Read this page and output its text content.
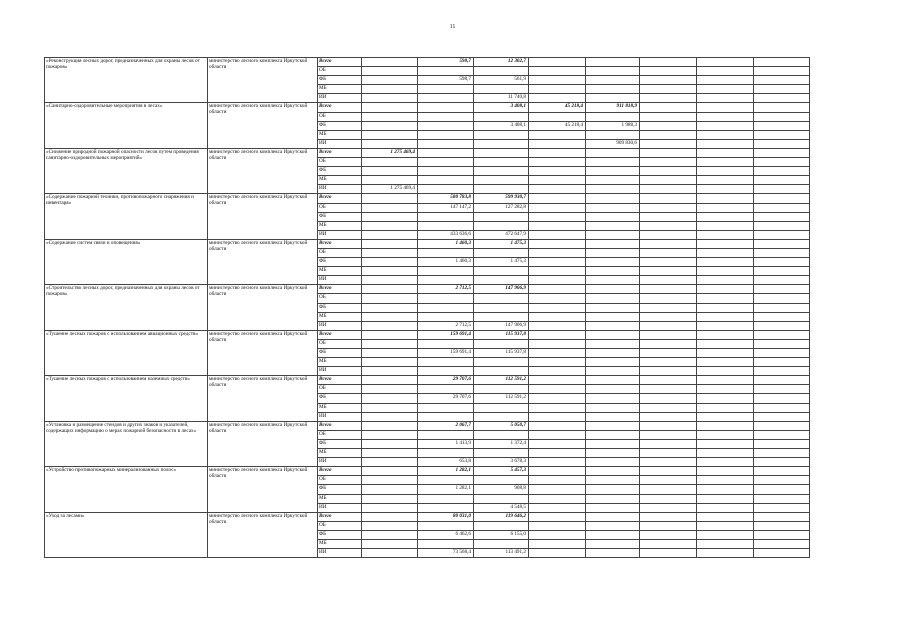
11
«Реконструкция лесных дорог, предназначенных для охраны лесов от пожаров»	министерство лесного комплекса Иркутской области	Всего		598,7	12 302,7					
		ОБ								
		ФБ		598,7	561,9					
		МБ								
		ИИ			11 740,8					
«Санитарно-оздоровительные мероприятия в лесах»	министерство лесного комплекса Иркутской области	Всего			3 408,1	45 218,4	911 818,9			
		ОБ								
		ФБ			3 408,1	45 218,4	1 988,3			
		МБ								
		ИИ					909 830,6			
«Снижение природной пожарной опасности лесов путем проведения санитарно-оздоровительных мероприятий»	министерство лесного комплекса Иркутской области	Всего	1 275 469,4							
		ОБ								
		ФБ								
		МБ								
		ИИ	1 275 469,4							
«Содержание пожарной техники, противопожарного снаряжения и инвентаря»	министерство лесного комплекса Иркутской области	Всего		580 783,8	599 930,7					
		ОБ		147 147,2	127 282,8					
		ФБ								
		МБ								
		ИИ		433 636,6	472 647,9					
«Содержание систем связи и оповещения»	министерство лесного комплекса Иркутской области	Всего		1 460,3	1 475,3					
		ОБ								
		ФБ		1 460,3	1 475,3					
		МБ								
		ИИ								
«Строительство лесных дорог, предназначенных для охраны лесов от пожаров»	министерство лесного комплекса Иркутской области	Всего		2 712,5	147 906,9					
		ОБ								
		ФБ								
		МБ								
		ИИ		2 712,5	147 906,9					
«Тушение лесных пожаров с использованием авиационных средств»	министерство лесного комплекса Иркутской области	Всего		159 691,4	115 937,8					
		ОБ								
		ФБ		159 691,4	115 937,8					
		МБ								
		ИИ								
«Тушение лесных пожаров с использованием наземных средств»	министерство лесного комплекса Иркутской области	Всего		29 707,6	112 591,2					
		ОБ								
		ФБ		29 707,6	112 591,2					
		МБ								
		ИИ								
«Установка и размещение стендов и других знаков и указателей, содержащих информацию о мерах пожарной безопасности в лесах»	министерство лесного комплекса Иркутской области	Всего		2 067,7	5 050,7					
		ОБ								
		ФБ		1 413,9	1 372,4					
		МБ								
		ИИ		653,8	3 678,3					
«Устройство противопожарных минерализованных полос»	министерство лесного комплекса Иркутской области	Всего		1 282,1	5 457,3					
		ОБ								
		ФБ		1 282,1	908,8					
		МБ								
		ИИ			4 548,5					
«Уход за лесами»	министерство лесного комплекса Иркутской области	Всего		80 031,0	119 646,2					
		ОБ								
		ФБ		6 462,6	6 155,0					
		МБ								
		ИИ		73 568,4	113 491,2					
